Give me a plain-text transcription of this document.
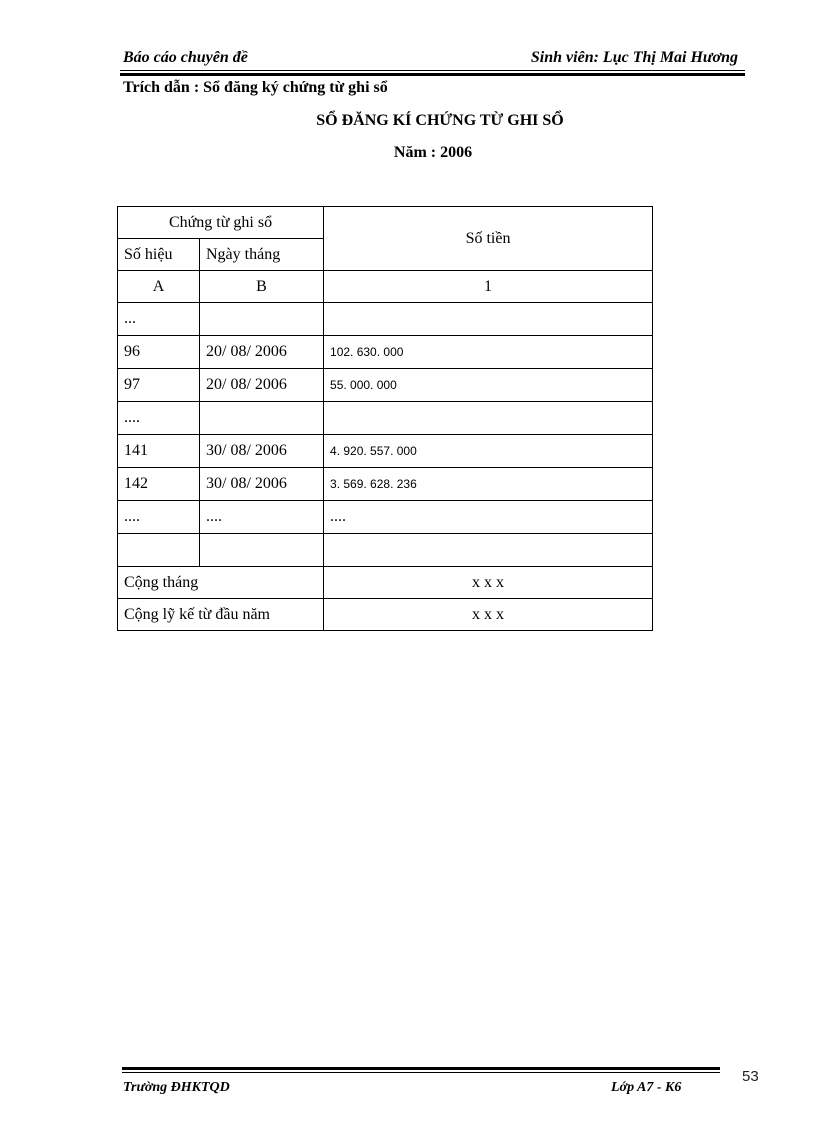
Báo cáo chuyên đề	Sinh viên: Lục Thị Mai Hương
Trích dẫn : Sổ đăng ký chứng từ ghi sổ
SỔ ĐĂNG KÍ CHỨNG TỪ GHI SỔ
Năm : 2006
Chứng từ ghi sổ		Số tiền
Số hiệu	Ngày tháng	
A	B	1
...		
96	20/ 08/ 2006	102. 630. 000
97	20/ 08/ 2006	55. 000. 000
....		
141	30/ 08/ 2006	4. 920. 557. 000
142	30/ 08/ 2006	3. 569. 628. 236
....	....	....

Cộng tháng		x x x
Cộng lỹ kế từ đầu năm		x x x
Trường ĐHKTQD	Lớp A7 - K6
53
